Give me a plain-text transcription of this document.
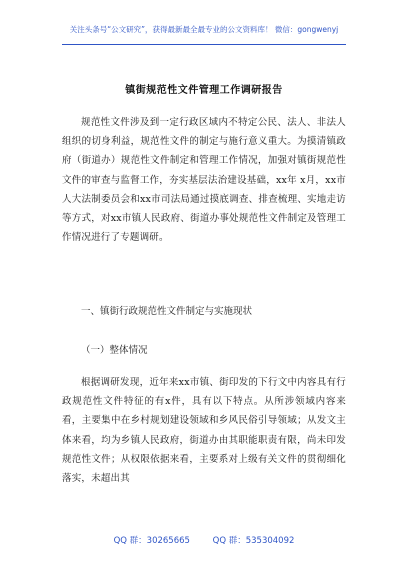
关注头条号“公文研究”，获得最新最全最专业的公文资料库！ 微信：gongwenyj
镇街规范性文件管理工作调研报告

规范性文件涉及到一定行政区域内不特定公民、法人、非法人组织的切身利益，规范性文件的制定与施行意义重大。为摸清镇政府（街道办）规范性文件制定和管理工作情况，加强对镇街规范性文件的审查与监督工作，夯实基层法治建设基础，xx年 x月，xx市人大法制委员会和xx市司法局通过摸底调查、排查梳理、实地走访等方式，对xx市镇人民政府、街道办事处规范性文件制定及管理工作情况进行了专题调研。

一、镇街行政规范性文件制定与实施现状
（一）整体情况

根据调研发现，近年来xx市镇、街印发的下行文中内容具有行政规范性文件特征的有x件，具有以下特点。从所涉领域内容来看，主要集中在乡村规划建设领域和乡风民俗引导领域；从发文主体来看，均为乡镇人民政府，街道办由其职能职责有限，尚未印发规范性文件；从权限依据来看，主要系对上级有关文件的贯彻细化落实，未超出其

QQ 群：30265665	QQ 群：535304092
